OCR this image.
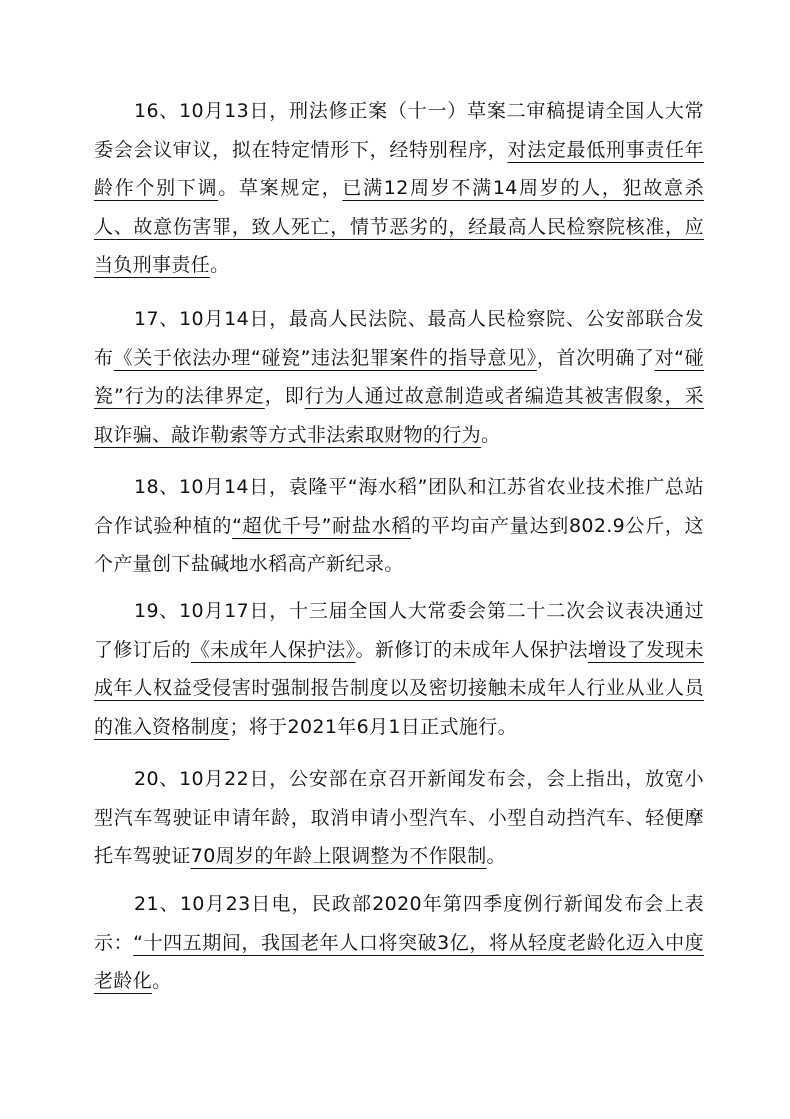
16、10月13日，刑法修正案（十一）草案二审稿提请全国人大常委会会议审议，拟在特定情形下，经特别程序，对法定最低刑事责任年龄作个别下调。草案规定，已满12周岁不满14周岁的人，犯故意杀人、故意伤害罪，致人死亡，情节恶劣的，经最高人民检察院核准，应当负刑事责任。

17、10月14日，最高人民法院、最高人民检察院、公安部联合发布《关于依法办理“碰瓷”违法犯罪案件的指导意见》，首次明确了对“碰瓷”行为的法律界定，即行为人通过故意制造或者编造其被害假象，采取诈骗、敲诈勒索等方式非法索取财物的行为。

18、10月14日，袁隆平“海水稻”团队和江苏省农业技术推广总站合作试验种植的“超优千号”耐盐水稻的平均亩产量达到802.9公斤，这个产量创下盐碱地水稻高产新纪录。

19、10月17日，十三届全国人大常委会第二十二次会议表决通过了修订后的《未成年人保护法》。新修订的未成年人保护法增设了发现未成年人权益受侵害时强制报告制度以及密切接触未成年人行业从业人员的准入资格制度；将于2021年6月1日正式施行。

20、10月22日，公安部在京召开新闻发布会，会上指出，放宽小型汽车驾驶证申请年龄，取消申请小型汽车、小型自动挡汽车、轻便摩托车驾驶证70周岁的年龄上限调整为不作限制。

21、10月23日电，民政部2020年第四季度例行新闻发布会上表示：“十四五期间，我国老年人口将突破3亿，将从轻度老龄化迈入中度老龄化。
